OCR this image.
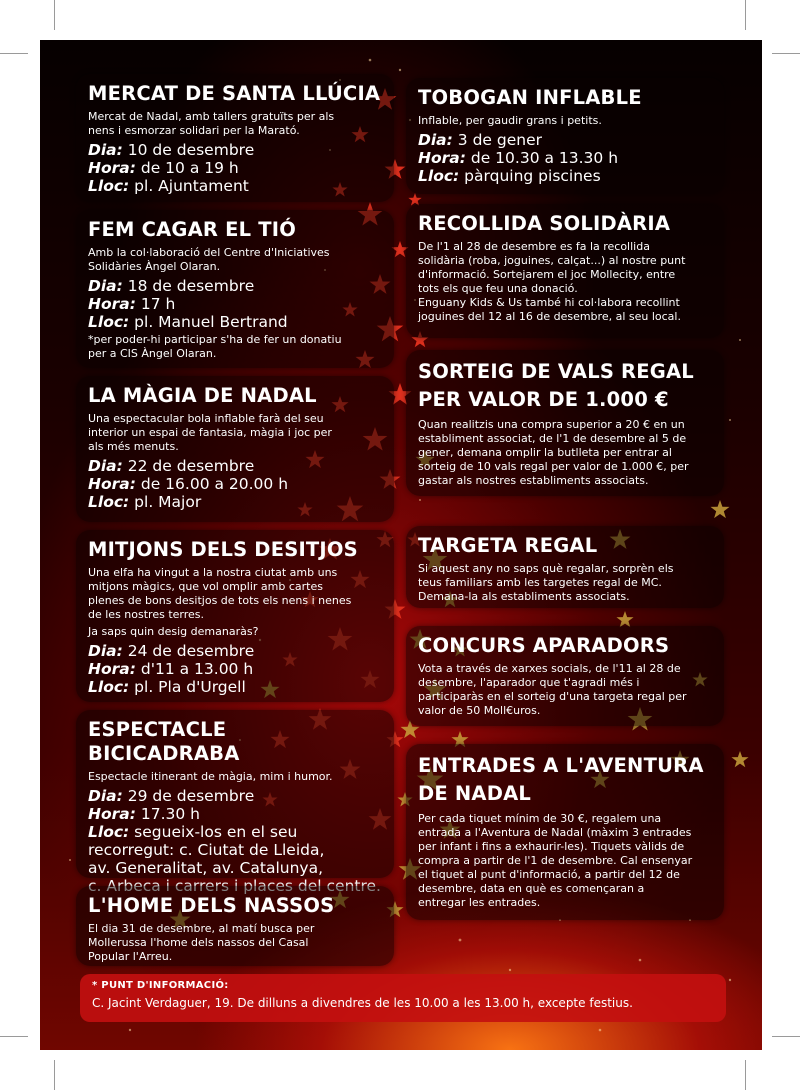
MERCAT DE SANTA LLÚCIA
Mercat de Nadal, amb tallers gratuïts per als
nens i esmorzar solidari per la Marató.
Dia: 10 de desembre
Hora: de 10 a 19 h
Lloc: pl. Ajuntament
FEM CAGAR EL TIÓ
Amb la col·laboració del Centre d'Iniciatives
Solidàries Àngel Olaran.
Dia: 18 de desembre
Hora: 17 h
Lloc: pl. Manuel Bertrand
*per poder-hi participar s'ha de fer un donatiu
per a CIS Àngel Olaran.
LA MÀGIA DE NADAL
Una espectacular bola inflable farà del seu
interior un espai de fantasia, màgia i joc per
als més menuts.
Dia: 22 de desembre
Hora: de 16.00 a 20.00 h
Lloc: pl. Major
MITJONS DELS DESITJOS
Una elfa ha vingut a la nostra ciutat amb uns
mitjons màgics, que vol omplir amb cartes
plenes de bons desitjos de tots els nens i nenes
de les nostres terres.
Ja saps quin desig demanaràs?
Dia: 24 de desembre
Hora: d'11 a 13.00 h
Lloc: pl. Pla d'Urgell
ESPECTACLE BICICADRABA
Espectacle itinerant de màgia, mim i humor.
Dia: 29 de desembre
Hora: 17.30 h
Lloc: segueix-los en el seu
recorregut: c. Ciutat de Lleida,
av. Generalitat, av. Catalunya,
L'HOME DELS NASSOS
El dia 31 de desembre, al matí busca per
Mollerussa l'home dels nassos del Casal
Popular l'Arreu.
TOBOGAN INFLABLE
Inflable, per gaudir grans i petits.
Dia: 3 de gener
Hora: de 10.30 a 13.30 h
Lloc: pàrquing piscines
RECOLLIDA SOLIDÀRIA
De l'1 al 28 de desembre es fa la recollida
solidària (roba, joguines, calçat...) al nostre punt
d'informació. Sortejarem el joc Mollecity, entre
tots els que feu una donació.
Enguany Kids & Us també hi col·labora recollint
joguines del 12 al 16 de desembre, al seu local.
SORTEIG DE VALS REGAL
PER VALOR DE 1.000 €
Quan realitzis una compra superior a 20 € en un
establiment associat, de l'1 de desembre al 5 de
gener, demana omplir la butlleta per entrar al
sorteig de 10 vals regal per valor de 1.000 €, per
gastar als nostres establiments associats.
TARGETA REGAL
Si aquest any no saps què regalar, sorprèn els
teus familiars amb les targetes regal de MC.
Demana-la als establiments associats.
CONCURS APARADORS
Vota a través de xarxes socials, de l'11 al 28 de
desembre, l'aparador que t'agradi més i
participaràs en el sorteig d'una targeta regal per
valor de 50 Moll€uros.
ENTRADES A L'AVENTURA
DE NADAL
Per cada tiquet mínim de 30 €, regalem una
entrada a l'Aventura de Nadal (màxim 3 entrades
per infant i fins a exhaurir-les). Tiquets vàlids de
compra a partir de l'1 de desembre. Cal ensenyar
el tiquet al punt d'informació, a partir del 12 de
desembre, data en què es començaran a
entregar les entrades.
* PUNT D'INFORMACIÓ:
C. Jacint Verdaguer, 19. De dilluns a divendres de les 10.00 a les 13.00 h, excepte festius.
